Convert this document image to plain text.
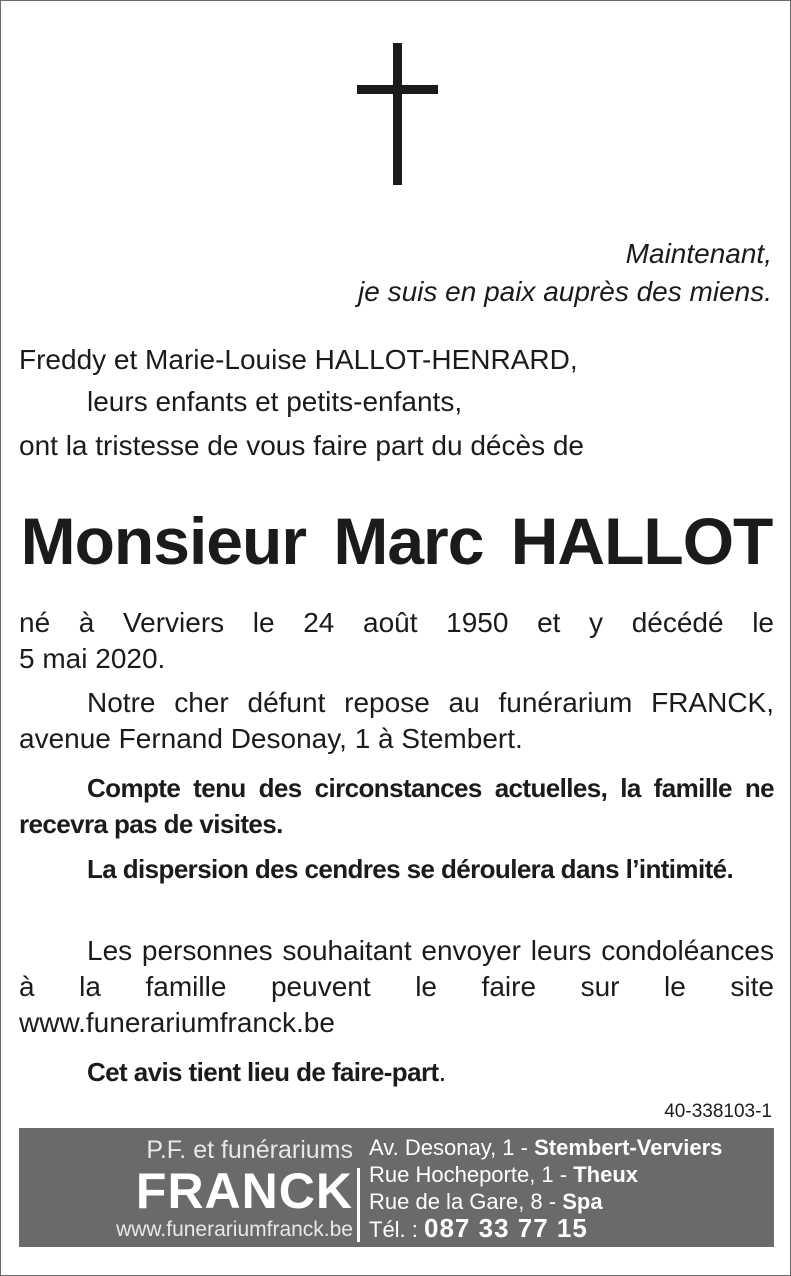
Maintenant,
je suis en paix auprès des miens.
Freddy et Marie-Louise HALLOT-HENRARD,
leurs enfants et petits-enfants,
ont la tristesse de vous faire part du décès de
Monsieur Marc HALLOT
né à Verviers le 24 août 1950 et y décédé le
5 mai 2020.
Notre cher défunt repose au funérarium FRANCK, avenue Fernand Desonay, 1 à Stembert.
Compte tenu des circonstances actuelles, la famille ne recevra pas de visites.
La dispersion des cendres se déroulera dans l’intimité.
Les personnes souhaitant envoyer leurs condoléances à la famille peuvent le faire sur le site www.funerariumfranck.be
Cet avis tient lieu de faire-part.
40-338103-1
P.F. et funérariums
FRANCK
www.funerariumfranck.be
Av. Desonay, 1 - Stembert-Verviers
Rue Hocheporte, 1 - Theux
Rue de la Gare, 8 - Spa
Tél. : 087 33 77 15
